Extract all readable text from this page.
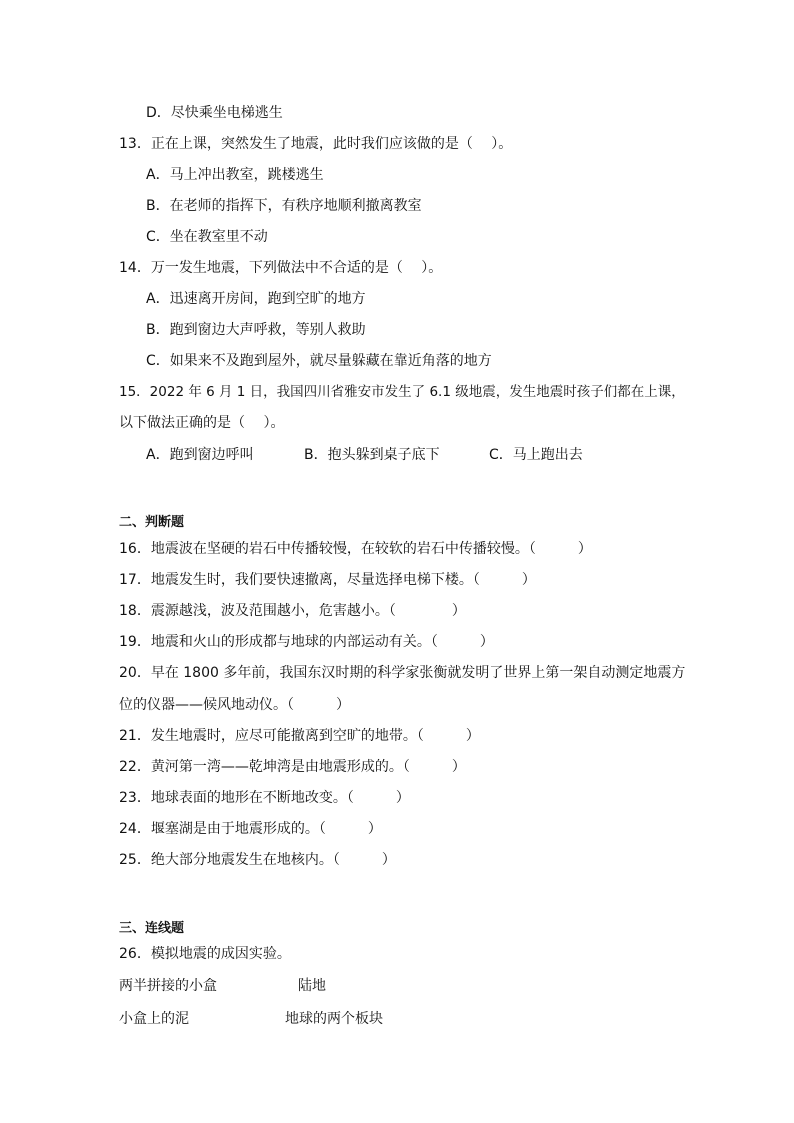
D．尽快乘坐电梯逃生
13．正在上课，突然发生了地震，此时我们应该做的是（　 ）。
A．马上冲出教室，跳楼逃生
B．在老师的指挥下，有秩序地顺利撤离教室
C．坐在教室里不动
14．万一发生地震，下列做法中不合适的是（　 ）。
A．迅速离开房间，跑到空旷的地方
B．跑到窗边大声呼救，等别人救助
C．如果来不及跑到屋外，就尽量躲藏在靠近角落的地方
15．2022 年 6 月 1 日，我国四川省雅安市发生了 6.1 级地震，发生地震时孩子们都在上课，
以下做法正确的是（　 ）。
A．跑到窗边呼叫	B．抱头躲到桌子底下	C．马上跑出去
二、判断题
16．地震波在坚硬的岩石中传播较慢，在较软的岩石中传播较慢。（　　　）
17．地震发生时，我们要快速撤离，尽量选择电梯下楼。（　　　）
18．震源越浅，波及范围越小，危害越小。（　　　　）
19．地震和火山的形成都与地球的内部运动有关。（　　　）
20．早在 1800 多年前，我国东汉时期的科学家张衡就发明了世界上第一架自动测定地震方
位的仪器——候风地动仪。（　　　）
21．发生地震时，应尽可能撤离到空旷的地带。（　　　）
22．黄河第一湾——乾坤湾是由地震形成的。（　　　）
23．地球表面的地形在不断地改变。（　　　）
24．堰塞湖是由于地震形成的。（　　　）
25．绝大部分地震发生在地核内。（　　　）
三、连线题
26．模拟地震的成因实验。
两半拼接的小盒	陆地
小盒上的泥	地球的两个板块
